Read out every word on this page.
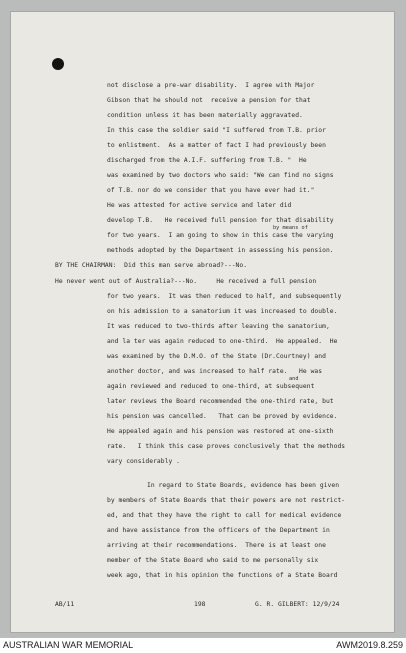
not disclose a pre-war disability.  I agree with Major
Gibson that he should not  receive a pension for that
condition unless it has been materially aggravated.
In this case the soldier said "I suffered from T.B. prior
to enlistment.  As a matter of fact I had previously been
discharged from the A.I.F. suffering from T.B. "  He
was examined by two doctors who said: "We can find no signs
of T.B. nor do we consider that you have ever had it."
He was attested for active service and later did
develop T.B.   He received full pension for that disability
by means of
for two years.  I am going to show in this case the varying
methods adopted by the Department in assessing his pension.
BY THE CHAIRMAN:  Did this man serve abroad?---No.
He never went out of Australia?---No.     He received a full pension
for two years.  It was then reduced to half, and subsequently
on his admission to a sanatorium it was increased to double.
It was reduced to two-thirds after leaving the sanatorium,
and la ter was again reduced to one-third.  He appealed.  He
was examined by the D.M.O. of the State (Dr.Courtney) and
another doctor, and was increased to half rate.   He was
and
again reviewed and reduced to one-third, at subsequent
later reviews the Board recommended the one-third rate, but
his pension was cancelled.   That can be proved by evidence.
He appealed again and his pension was restored at one-sixth
rate.   I think this case proves conclusively that the methods
vary considerably .
In regard to State Boards, evidence has been given
by members of State Boards that their powers are not restrict-
ed, and that they have the right to call for medical evidence
and have assistance from the officers of the Department in
arriving at their recommendations.  There is at least one
member of the State Board who said to me personally six
week ago, that in his opinion the functions of a State Board
AB/11	198	G. R. GILBERT: 12/9/24
AUSTRALIAN WAR MEMORIAL	AWM2019.8.259
